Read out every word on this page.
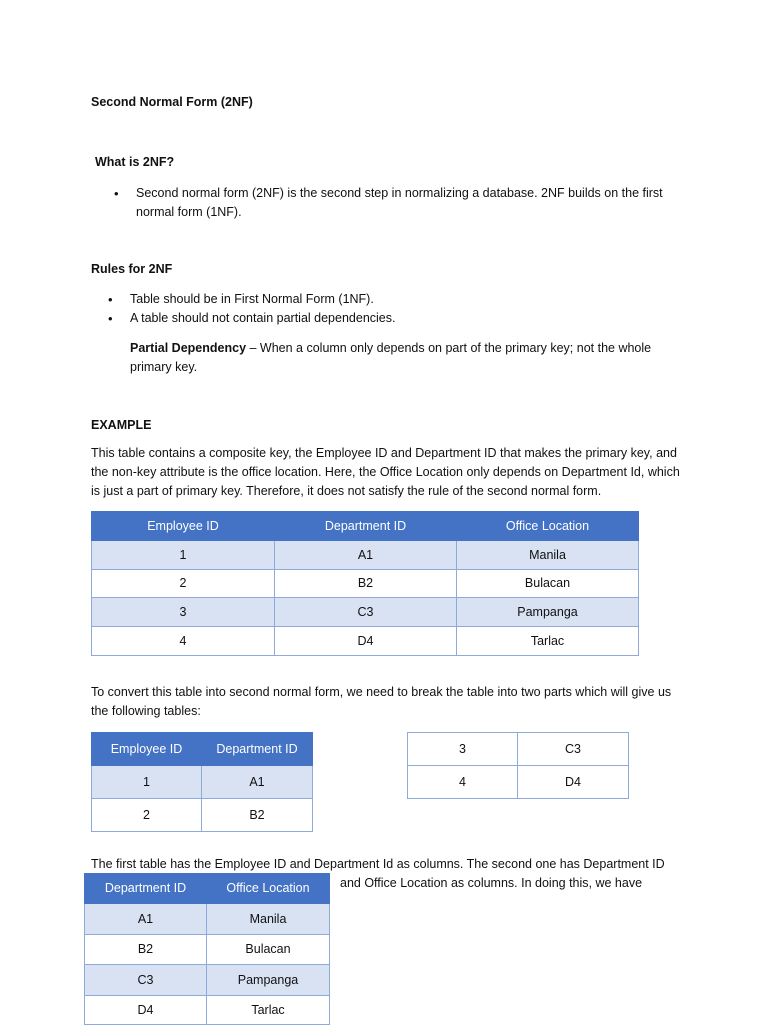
Second Normal Form (2NF)
What is 2NF?
• Second normal form (2NF) is the second step in normalizing a database. 2NF builds on the first normal form (1NF).
Rules for 2NF
• Table should be in First Normal Form (1NF).
• A table should not contain partial dependencies.
Partial Dependency – When a column only depends on part of the primary key; not the whole primary key.
EXAMPLE
This table contains a composite key, the Employee ID and Department ID that makes the primary key, and the non-key attribute is the office location. Here, the Office Location only depends on Department Id, which is just a part of primary key. Therefore, it does not satisfy the rule of the second normal form.
Employee ID	Department ID	Office Location
1	A1	Manila
2	B2	Bulacan
3	C3	Pampanga
4	D4	Tarlac
To convert this table into second normal form, we need to break the table into two parts which will give us the following tables:
Employee ID	Department ID
1	A1
2	B2
3	C3
4	D4
The first table has the Employee ID and Department Id as columns. The second one has Department ID
and Office Location as columns. In doing this, we have
Department ID	Office Location
A1	Manila
B2	Bulacan
C3	Pampanga
D4	Tarlac
